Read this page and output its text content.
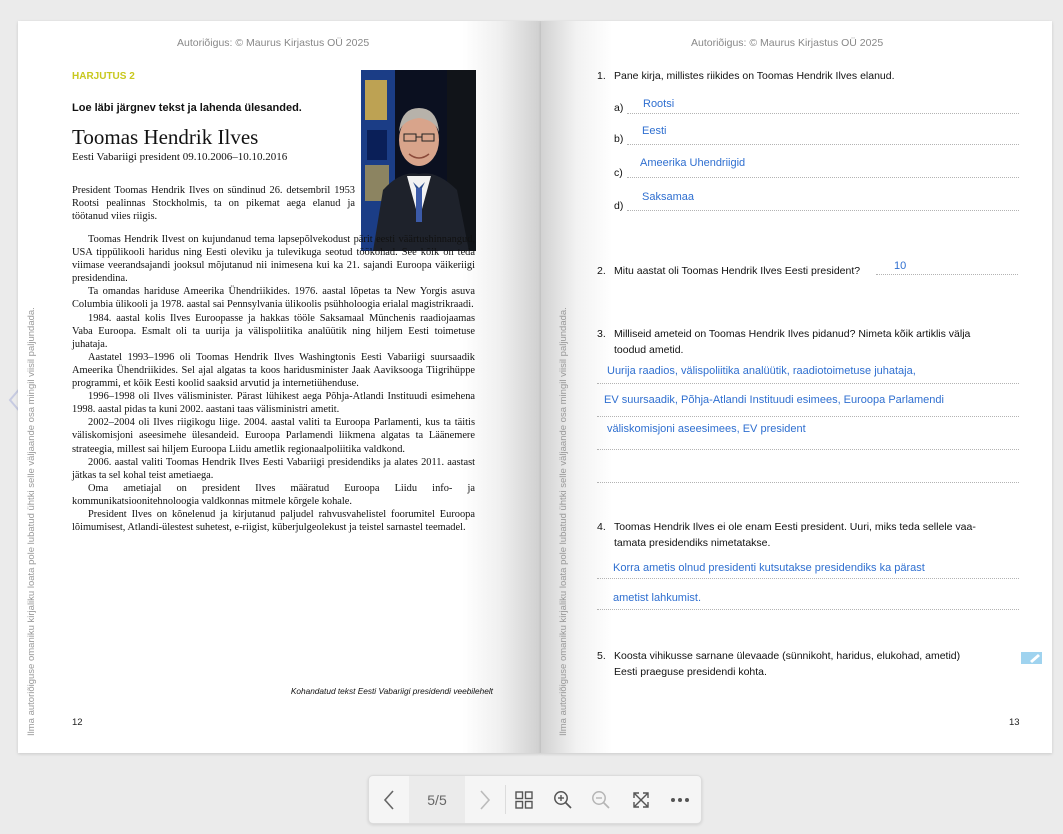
Autoriõigus: © Maurus Kirjastus OÜ 2025
Ilma autoriõiguse omaniku kirjaliku loata pole lubatud ühtki selle väljaande osa mingil viisil paljundada.
HARJUTUS 2
Loe läbi järgnev tekst ja lahenda ülesanded.
Toomas Hendrik Ilves
Eesti Vabariigi president 09.10.2006–10.10.2016

President Toomas Hendrik Ilves on sündinud 26. detsembril 1953 Rootsi pealinnas Stockholmis, ta on pikemat aega elanud ja töötanud viies riigis.

Toomas Hendrik Ilvest on kujundanud tema lapsepõlvekodust pärit eesti väärtushinnangud, USA tippülikooli haridus ning Eesti oleviku ja tulevikuga seotud töökohad. See kõik on teda viimase veerandsajandi jooksul mõjutanud nii inimesena kui ka 21. sajandi Euroopa väikeriigi presidendina.

Ta omandas hariduse Ameerika Ühendriikides. 1976. aastal lõpetas ta New Yorgis asuva Columbia ülikooli ja 1978. aastal sai Pennsylvania ülikoolis psühholoogia erialal magistrikraadi.

1984. aastal kolis Ilves Euroopasse ja hakkas tööle Saksamaal Münchenis raadiojaamas Vaba Euroopa. Esmalt oli ta uurija ja välispoliitika analüütik ning hiljem Eesti toimetuse juhataja.

Aastatel 1993–1996 oli Toomas Hendrik Ilves Washingtonis Eesti Vabariigi suursaadik Ameerika Ühendriikides. Sel ajal algatas ta koos haridusminister Jaak Aaviksooga Tiigrihüppe programmi, et kõik Eesti koolid saaksid arvutid ja internetiühenduse.

1996–1998 oli Ilves välisminister. Pärast lühikest aega Põhja-Atlandi Instituudi esimehena 1998. aastal pidas ta kuni 2002. aastani taas välisministri ametit.

2002–2004 oli Ilves riigikogu liige. 2004. aastal valiti ta Euroopa Parlamenti, kus ta täitis väliskomisjoni aseesimehe ülesandeid. Euroopa Parlamendi liikmena algatas ta Läänemere strateegia, millest sai hiljem Euroopa Liidu ametlik regionaalpoliitika valdkond.

2006. aastal valiti Toomas Hendrik Ilves Eesti Vabariigi presidendiks ja alates 2011. aastast jätkas ta sel kohal teist ametiaega.

Oma ametiajal on president Ilves määratud Euroopa Liidu info- ja kommunikatsioonitehnoloogia valdkonnas mitmele kõrgele kohale.

President Ilves on kõnelenud ja kirjutanud paljudel rahvusvahelistel foorumitel Euroopa lõimumisest, Atlandi-ülestest suhetest, e-riigist, küberjulgeolekust ja teistel sarnastel teemadel.

Kohandatud tekst Eesti Vabariigi presidendi veebilehelt
12
Autoriõigus: © Maurus Kirjastus OÜ 2025
Ilma autoriõiguse omaniku kirjaliku loata pole lubatud ühtki selle väljaande osa mingil viisil paljundada.
1. Pane kirja, millistes riikides on Toomas Hendrik Ilves elanud.
a) Rootsi
b)
Eesti
c)
Ameerika Uhendriigid
d)
Saksamaa
2. Mitu aastat oli Toomas Hendrik Ilves Eesti president?	10
3. Milliseid ameteid on Toomas Hendrik Ilves pidanud? Nimeta kõik artiklis välja
toodud ametid.
Uurija raadios, välispoliitika analüütik, raadiotoimetuse juhataja,
EV suursaadik, Põhja-Atlandi Instituudi esimees, Euroopa Parlamendi
väliskomisjoni aseesimees, EV president
4. Toomas Hendrik Ilves ei ole enam Eesti president. Uuri, miks teda sellele vaa-
tamata presidendiks nimetatakse.
Korra ametis olnud presidenti kutsutakse presidendiks ka pärast
ametist lahkumist.
5. Koosta vihikusse sarnane ülevaade (sünnikoht, haridus, elukohad, ametid)
Eesti praeguse presidendi kohta.
13
5/5
